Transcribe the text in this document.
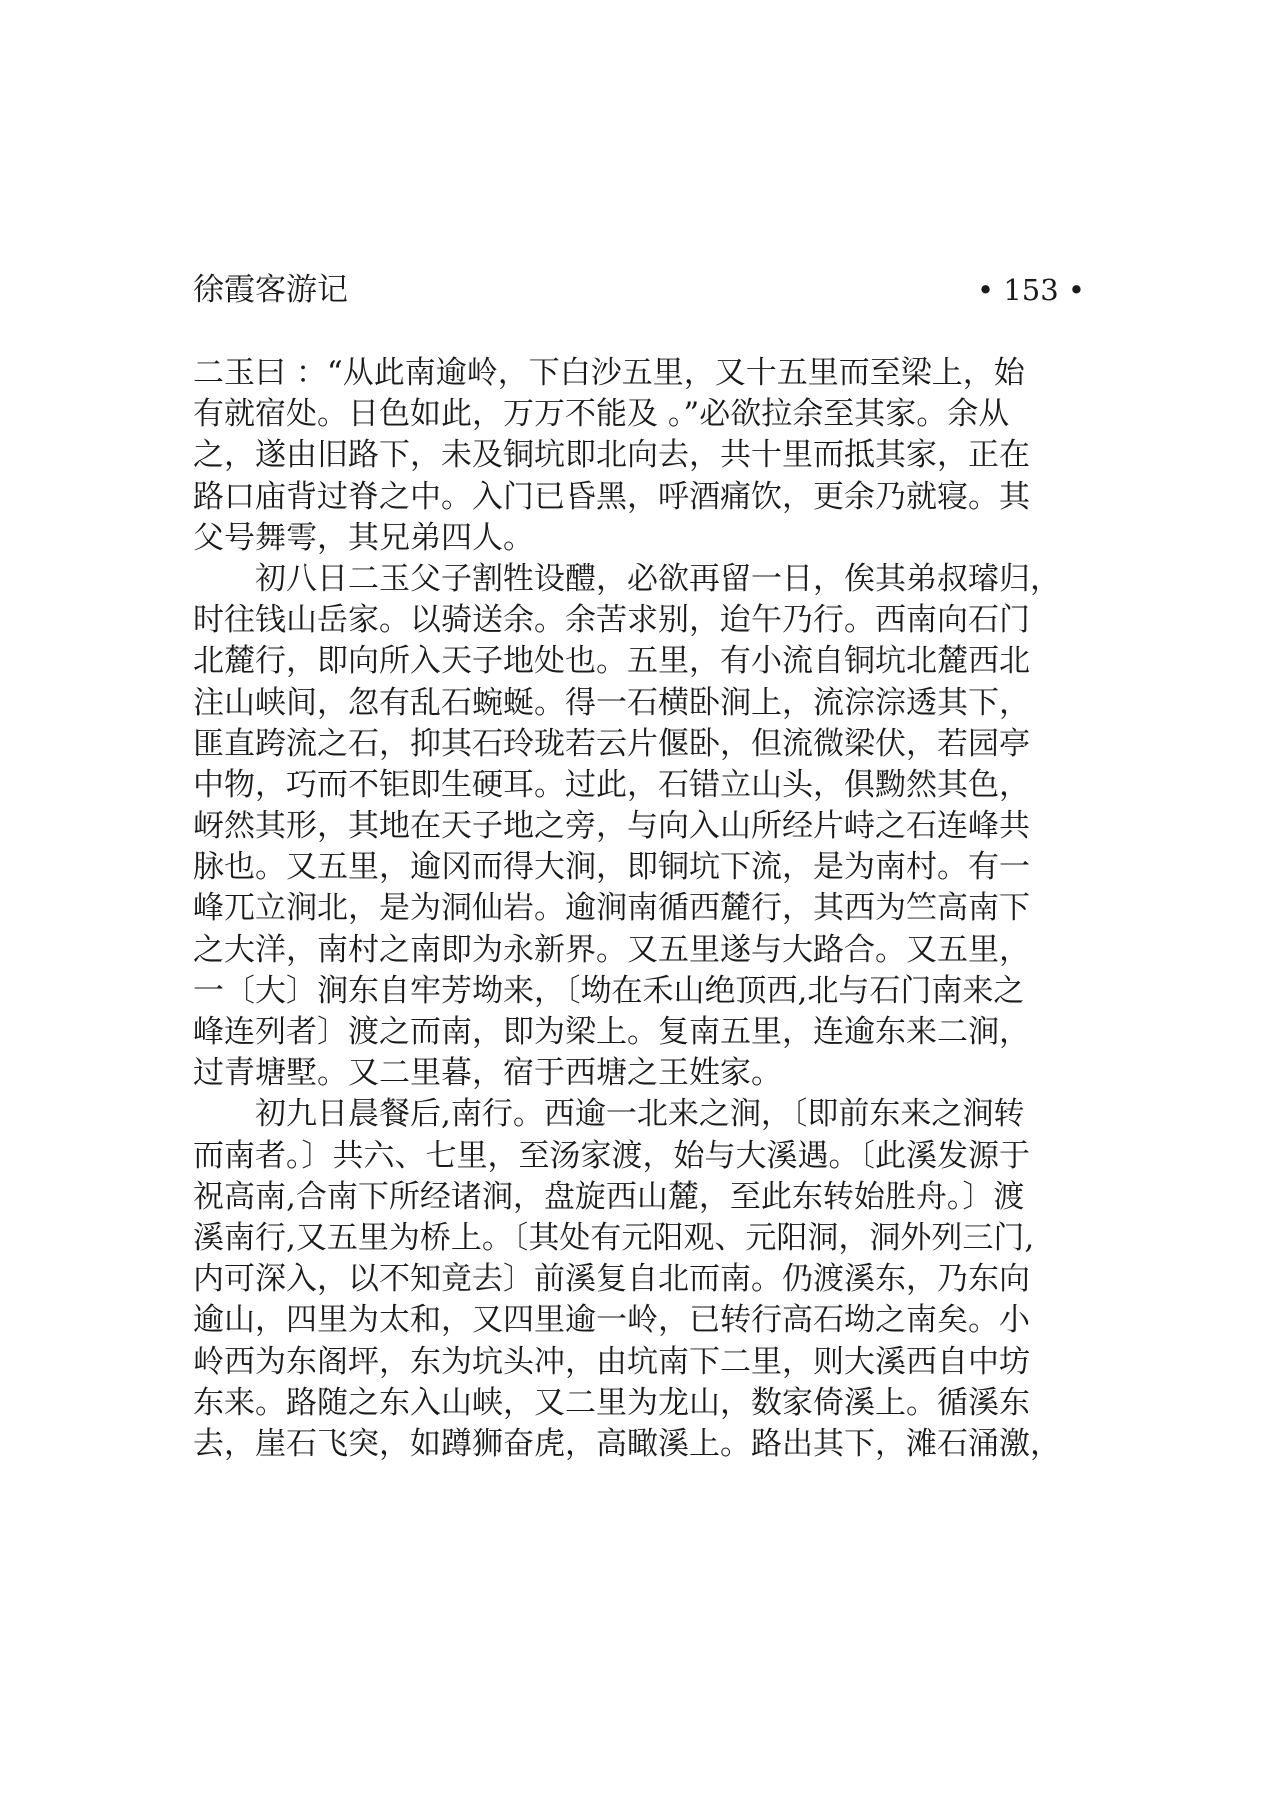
徐霞客游记	• 153 •
二玉曰 ：“从此南逾岭，下白沙五里，又十五里而至梁上，始
有就宿处。日色如此，万万不能及 。”必欲拉余至其家。余从
之，遂由旧路下，未及铜坑即北向去，共十里而抵其家，正在
路口庙背过脊之中。入门已昏黑，呼酒痛饮，更余乃就寝。其
父号舞雩，其兄弟四人。
初八日二玉父子割牲设醴，必欲再留一日，俟其弟叔璿归，
时往钱山岳家。以骑送余。余苦求别，迨午乃行。西南向石门
北麓行，即向所入天子地处也。五里，有小流自铜坑北麓西北
注山峡间，忽有乱石蜿蜒。得一石横卧涧上，流淙淙透其下，
匪直跨流之石，抑其石玲珑若云片偃卧，但流微梁伏，若园亭
中物，巧而不钜即生硬耳。过此，石错立山头，俱黝然其色，
岈然其形，其地在天子地之旁，与向入山所经片峙之石连峰共
脉也。又五里，逾冈而得大涧，即铜坑下流，是为南村。有一
峰兀立涧北，是为洞仙岩。逾涧南循西麓行，其西为竺高南下
之大洋，南村之南即为永新界。又五里遂与大路合。又五里，
一〔大〕涧东自牢芳坳来，〔坳在禾山绝顶西,北与石门南来之
峰连列者〕渡之而南，即为梁上。复南五里，连逾东来二涧，
过青塘墅。又二里暮，宿于西塘之王姓家。
初九日晨餐后,南行。西逾一北来之涧，〔即前东来之涧转
而南者。〕共六、七里，至汤家渡，始与大溪遇。〔此溪发源于
祝高南,合南下所经诸涧，盘旋西山麓，至此东转始胜舟。〕渡
溪南行,又五里为桥上。〔其处有元阳观、元阳洞，洞外列三门,
内可深入，以不知竟去〕前溪复自北而南。仍渡溪东，乃东向
逾山，四里为太和，又四里逾一岭，已转行高石坳之南矣。小
岭西为东阁坪，东为坑头冲，由坑南下二里，则大溪西自中坊
东来。路随之东入山峡，又二里为龙山，数家倚溪上。循溪东
去，崖石飞突，如蹲狮奋虎，高瞰溪上。路出其下，滩石涌激，
